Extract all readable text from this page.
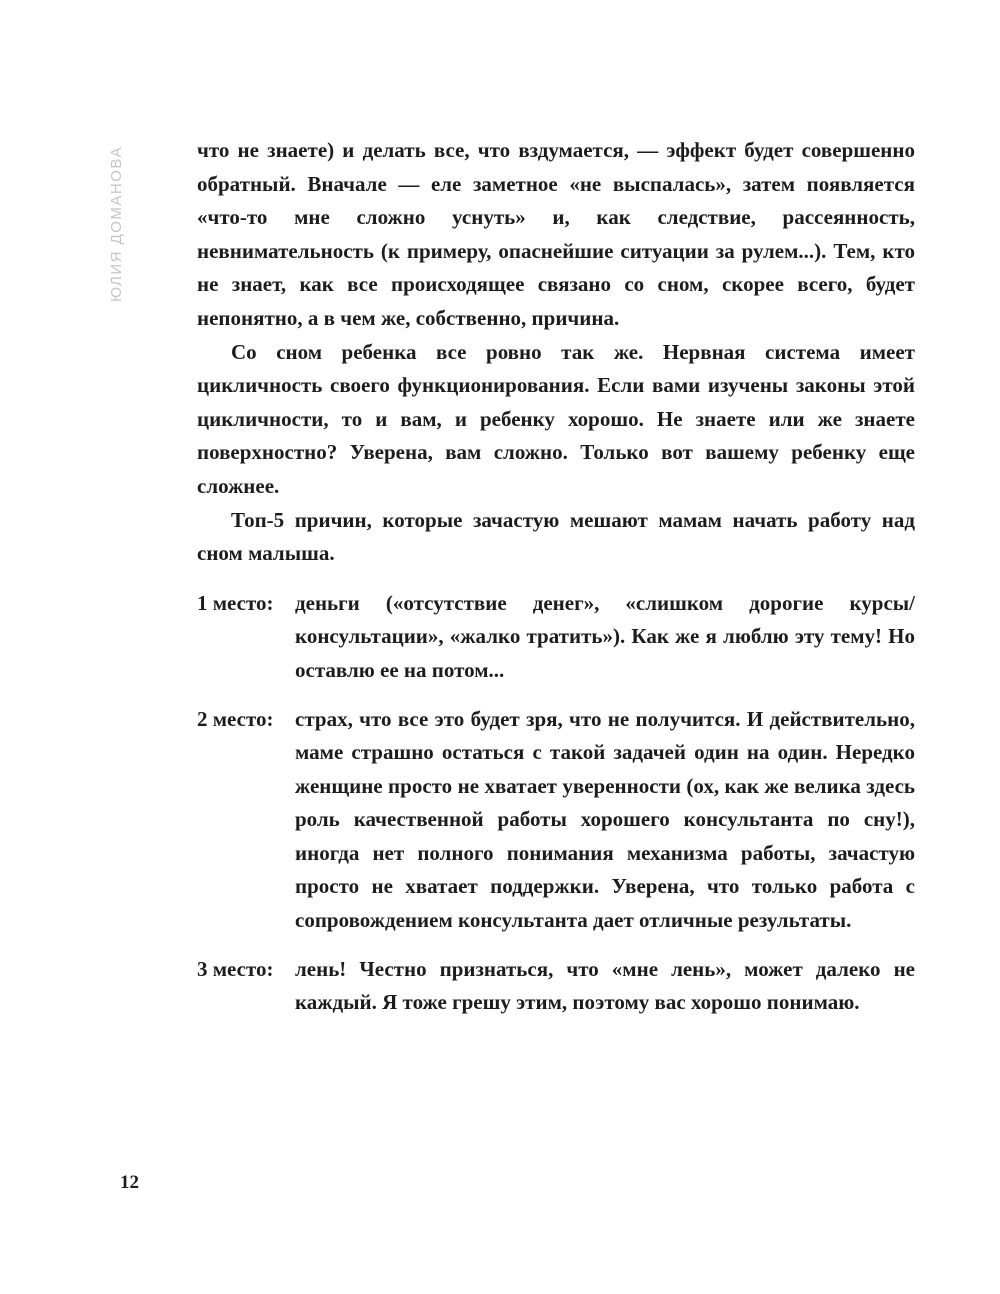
ЮЛИЯ ДОМАНОВА	что не знаете) и делать все, что вздумается, — эффект будет совершенно обратный. Вначале — еле заметное «не выспалась», затем появляется «что-то мне сложно уснуть» и, как следствие, рассеянность, невнимательность (к примеру, опаснейшие ситуации за рулем...). Тем, кто не знает, как все происходящее связано со сном, скорее всего, будет непонятно, а в чем же, собственно, причина.

Со сном ребенка все ровно так же. Нервная система имеет цикличность своего функционирования. Если вами изучены законы этой цикличности, то и вам, и ребенку хорошо. Не знаете или же знаете поверхностно? Уверена, вам сложно. Только вот вашему ребенку еще сложнее.

Топ-5 причин, которые зачастую мешают мамам начать работу над сном малыша.

1 место:	деньги («отсутствие денег», «слишком дорогие курсы/консультации», «жалко тратить»). Как же я люблю эту тему! Но оставлю ее на потом...
2 место:	страх, что все это будет зря, что не получится. И действительно, маме страшно остаться с такой задачей один на один. Нередко женщине просто не хватает уверенности (ох, как же велика здесь роль качественной работы хорошего консультанта по сну!), иногда нет полного понимания механизма работы, зачастую просто не хватает поддержки. Уверена, что только работа с сопровождением консультанта дает отличные результаты.
3 место:	лень! Честно признаться, что «мне лень», может далеко не каждый. Я тоже грешу этим, поэтому вас хорошо понимаю.
12
